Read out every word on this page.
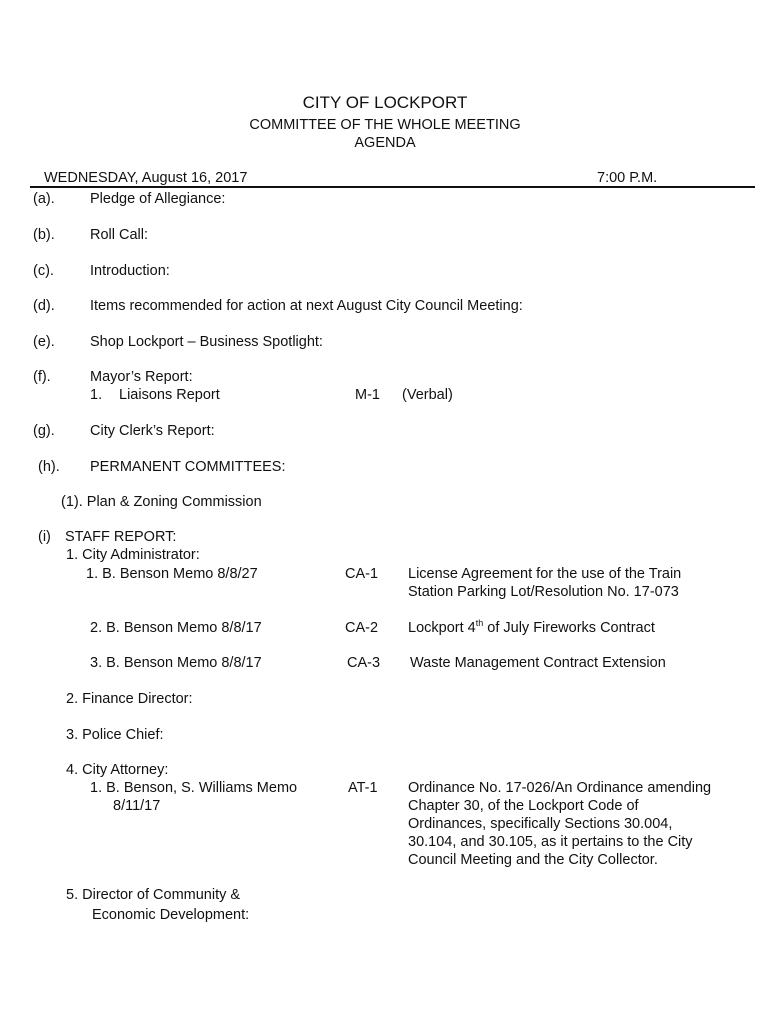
CITY OF LOCKPORT
COMMITTEE OF THE WHOLE MEETING
AGENDA
WEDNESDAY, August 16, 2017	7:00 P.M.
(a). Pledge of Allegiance:
(b). Roll Call:
(c). Introduction:
(d). Items recommended for action at next August City Council Meeting:
(e). Shop Lockport – Business Spotlight:
(f).	Mayor’s Report:
1. Liaisons Report	M-1 (Verbal)
(g). City Clerk’s Report:
(h). PERMANENT COMMITTEES:
(1). Plan & Zoning Commission
(i) STAFF REPORT:
1. City Administrator:
1. B. Benson Memo 8/8/27	CA-1 License Agreement for the use of the Train
Station Parking Lot/Resolution No. 17-073
2. B. Benson Memo 8/8/17	CA-2 Lockport 4th of July Fireworks Contract
3. B. Benson Memo 8/8/17	CA-3 Waste Management Contract Extension
2. Finance Director:
3. Police Chief:
4. City Attorney:
1. B. Benson, S. Williams Memo
8/11/17
AT-1 Ordinance No. 17-026/An Ordinance amending
Chapter 30, of the Lockport Code of
Ordinances, specifically Sections 30.004,
30.104, and 30.105, as it pertains to the City
Council Meeting and the City Collector.
5. Director of Community &
Economic Development:
